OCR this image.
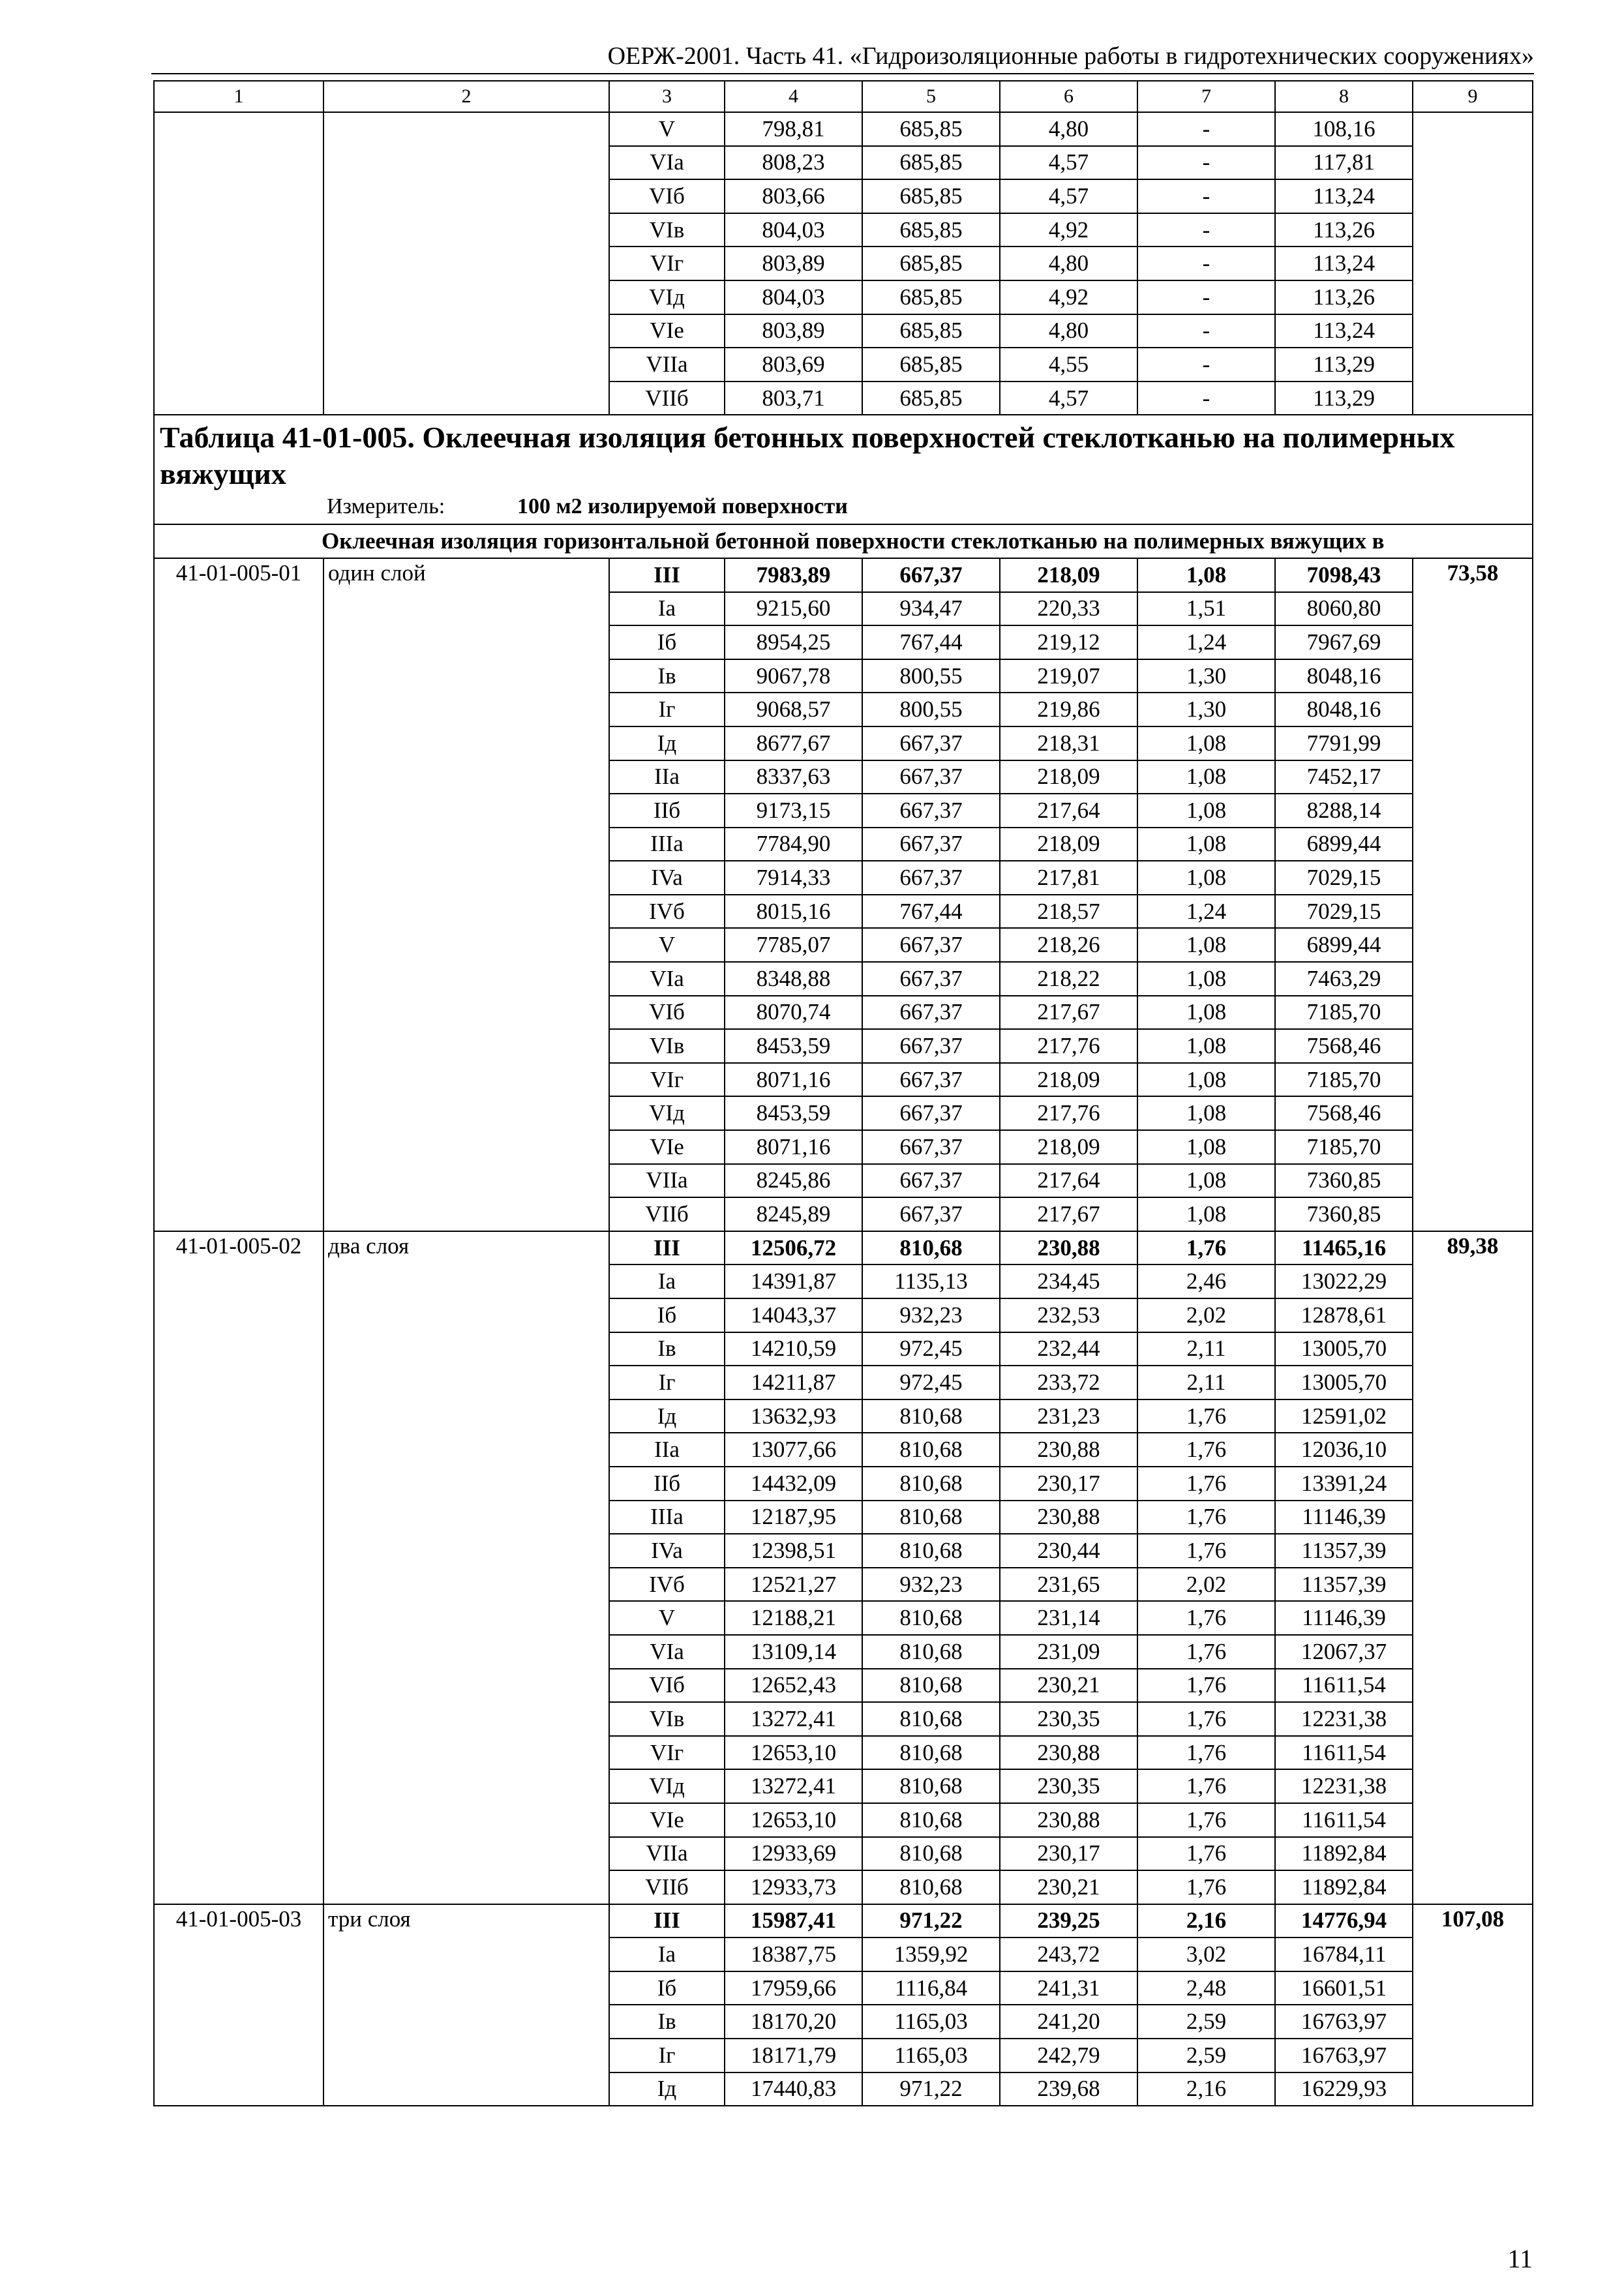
ОЕРЖ-2001. Часть 41. «Гидроизоляционные работы в гидротехнических сооружениях»
1	2	3	4	5	6	7	8	9
		V	798,81	685,85	4,80	-	108,16	
		VIa	808,23	685,85	4,57	-	117,81	
		VIб	803,66	685,85	4,57	-	113,24	
		VIв	804,03	685,85	4,92	-	113,26	
		VIг	803,89	685,85	4,80	-	113,24	
		VIд	804,03	685,85	4,92	-	113,26	
		VIe	803,89	685,85	4,80	-	113,24	
		VIIa	803,69	685,85	4,55	-	113,29	
		VIIб	803,71	685,85	4,57	-	113,29	

Таблица 41-01-005. Оклеечная изоляция бетонных поверхностей стеклотканью на полимерных вяжущих
Измеритель: 100 м2 изолируемой поверхности								

Оклеечная изоляция горизонтальной бетонной поверхности стеклотканью на полимерных вяжущих в								
41-01-005-01	один слой	III	7983,89	667,37	218,09	1,08	7098,43	73,58
		Ia	9215,60	934,47	220,33	1,51	8060,80	
		Iб	8954,25	767,44	219,12	1,24	7967,69	
		Iв	9067,78	800,55	219,07	1,30	8048,16	
		Iг	9068,57	800,55	219,86	1,30	8048,16	
		Iд	8677,67	667,37	218,31	1,08	7791,99	
		IIa	8337,63	667,37	218,09	1,08	7452,17	
		IIб	9173,15	667,37	217,64	1,08	8288,14	
		IIIa	7784,90	667,37	218,09	1,08	6899,44	
		IVa	7914,33	667,37	217,81	1,08	7029,15	
		IVб	8015,16	767,44	218,57	1,24	7029,15	
		V	7785,07	667,37	218,26	1,08	6899,44	
		VIa	8348,88	667,37	218,22	1,08	7463,29	
		VIб	8070,74	667,37	217,67	1,08	7185,70	
		VIв	8453,59	667,37	217,76	1,08	7568,46	
		VIг	8071,16	667,37	218,09	1,08	7185,70	
		VIд	8453,59	667,37	217,76	1,08	7568,46	
		VIe	8071,16	667,37	218,09	1,08	7185,70	
		VIIa	8245,86	667,37	217,64	1,08	7360,85	
		VIIб	8245,89	667,37	217,67	1,08	7360,85	
41-01-005-02	два слоя	III	12506,72	810,68	230,88	1,76	11465,16	89,38
		Ia	14391,87	1135,13	234,45	2,46	13022,29	
		Iб	14043,37	932,23	232,53	2,02	12878,61	
		Iв	14210,59	972,45	232,44	2,11	13005,70	
		Iг	14211,87	972,45	233,72	2,11	13005,70	
		Iд	13632,93	810,68	231,23	1,76	12591,02	
		IIa	13077,66	810,68	230,88	1,76	12036,10	
		IIб	14432,09	810,68	230,17	1,76	13391,24	
		IIIa	12187,95	810,68	230,88	1,76	11146,39	
		IVa	12398,51	810,68	230,44	1,76	11357,39	
		IVб	12521,27	932,23	231,65	2,02	11357,39	
		V	12188,21	810,68	231,14	1,76	11146,39	
		VIa	13109,14	810,68	231,09	1,76	12067,37	
		VIб	12652,43	810,68	230,21	1,76	11611,54	
		VIв	13272,41	810,68	230,35	1,76	12231,38	
		VIг	12653,10	810,68	230,88	1,76	11611,54	
		VIд	13272,41	810,68	230,35	1,76	12231,38	
		VIe	12653,10	810,68	230,88	1,76	11611,54	
		VIIa	12933,69	810,68	230,17	1,76	11892,84	
		VIIб	12933,73	810,68	230,21	1,76	11892,84	
41-01-005-03	три слоя	III	15987,41	971,22	239,25	2,16	14776,94	107,08
		Ia	18387,75	1359,92	243,72	3,02	16784,11	
		Iб	17959,66	1116,84	241,31	2,48	16601,51	
		Iв	18170,20	1165,03	241,20	2,59	16763,97	
		Iг	18171,79	1165,03	242,79	2,59	16763,97	
		Iд	17440,83	971,22	239,68	2,16	16229,93	
11
